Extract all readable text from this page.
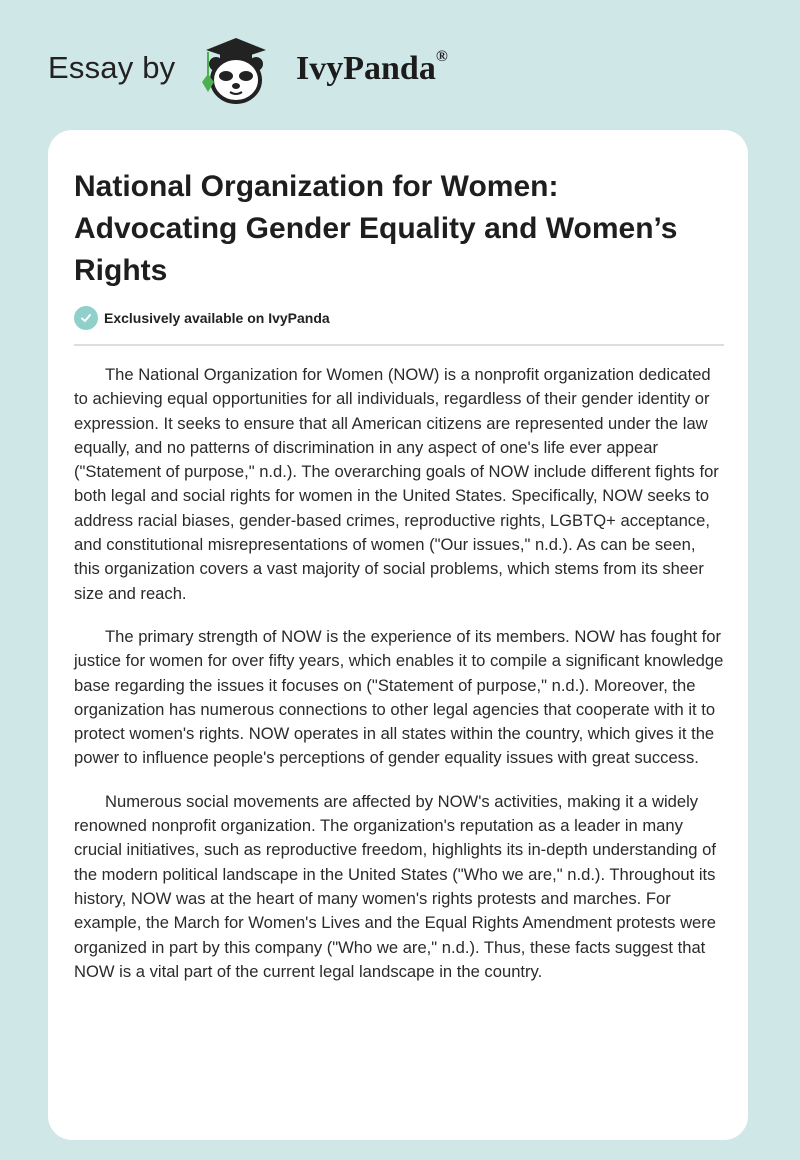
Essay by	IvyPanda®
National Organization for Women: Advocating Gender Equality and Women’s Rights
Exclusively available on IvyPanda

The National Organization for Women (NOW) is a nonprofit organization dedicated to achieving equal opportunities for all individuals, regardless of their gender identity or expression. It seeks to ensure that all American citizens are represented under the law equally, and no patterns of discrimination in any aspect of one's life ever appear ("Statement of purpose," n.d.). The overarching goals of NOW include different fights for both legal and social rights for women in the United States. Specifically, NOW seeks to address racial biases, gender-based crimes, reproductive rights, LGBTQ+ acceptance, and constitutional misrepresentations of women ("Our issues," n.d.). As can be seen, this organization covers a vast majority of social problems, which stems from its sheer size and reach.

The primary strength of NOW is the experience of its members. NOW has fought for justice for women for over fifty years, which enables it to compile a significant knowledge base regarding the issues it focuses on ("Statement of purpose," n.d.). Moreover, the organization has numerous connections to other legal agencies that cooperate with it to protect women's rights. NOW operates in all states within the country, which gives it the power to influence people's perceptions of gender equality issues with great success.

Numerous social movements are affected by NOW's activities, making it a widely renowned nonprofit organization. The organization's reputation as a leader in many crucial initiatives, such as reproductive freedom, highlights its in-depth understanding of the modern political landscape in the United States ("Who we are," n.d.). Throughout its history, NOW was at the heart of many women's rights protests and marches. For example, the March for Women's Lives and the Equal Rights Amendment protests were organized in part by this company ("Who we are," n.d.). Thus, these facts suggest that NOW is a vital part of the current legal landscape in the country.
